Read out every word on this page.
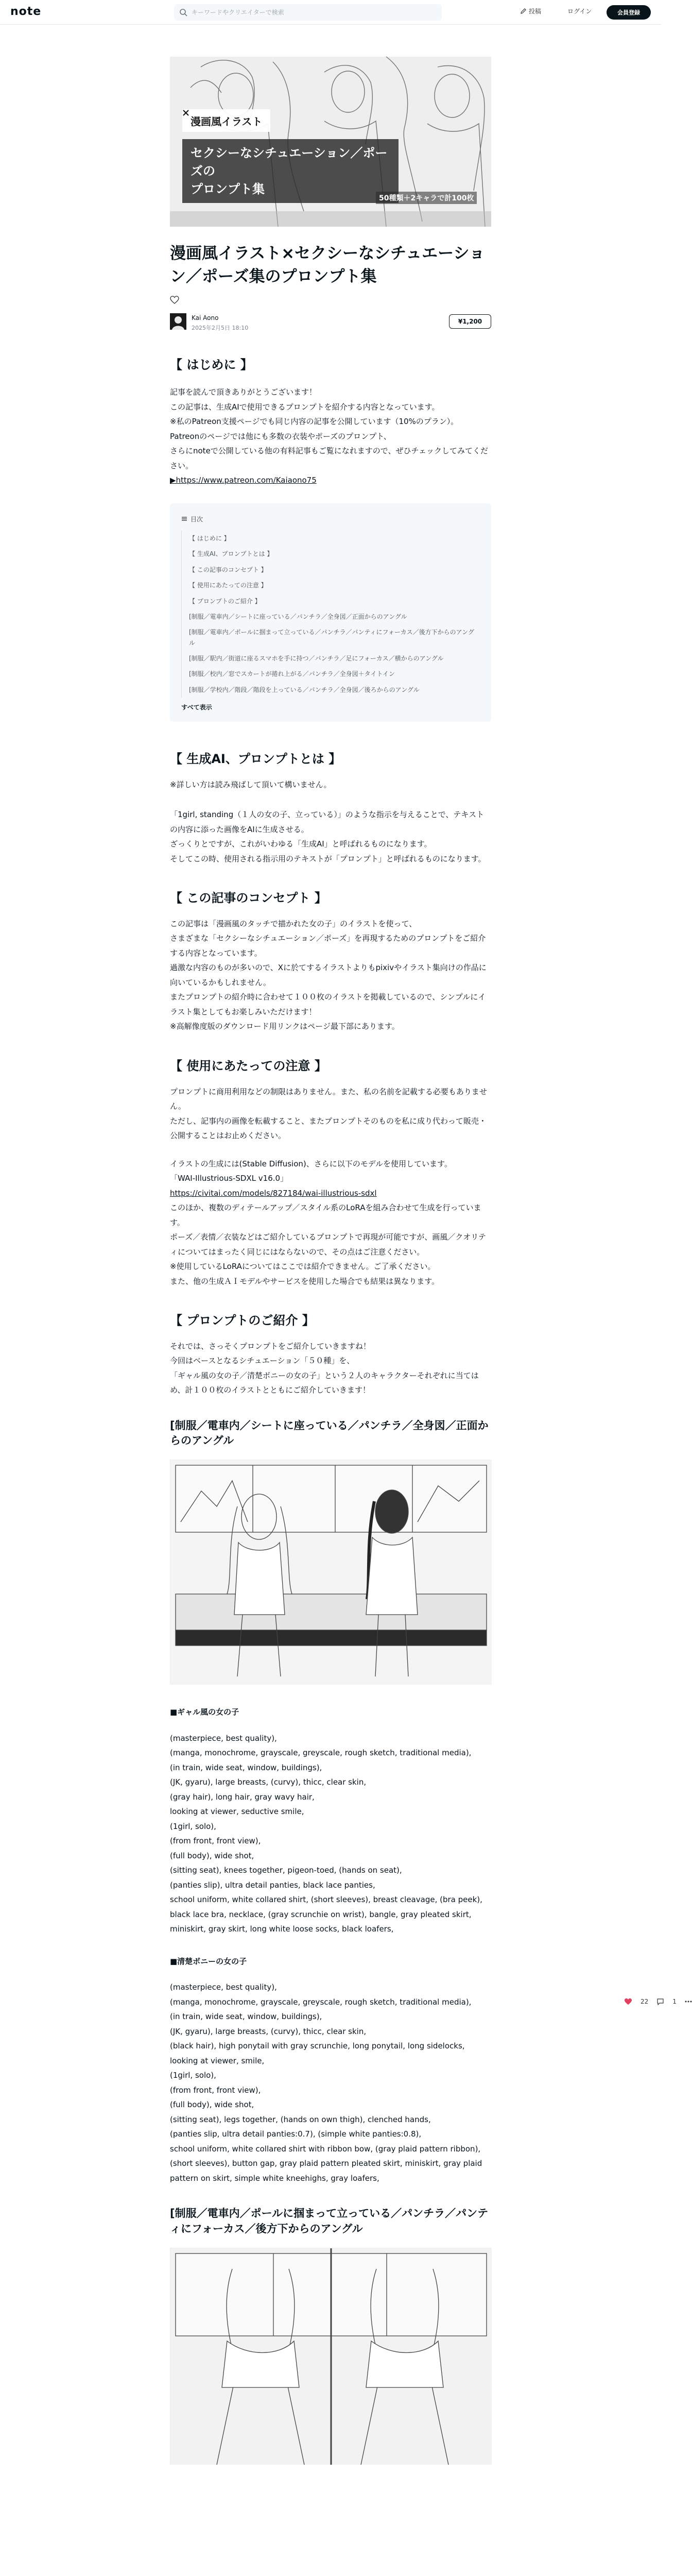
note
キーワードやクリエイターで検索	投稿	ログイン	会員登録
漫画風イラスト
セクシーなシチュエーション／ポーズの
プロンプト集
50種類＋2キャラで計100枚
漫画風イラスト×セクシーなシチュエーション／ポーズ集のプロンプト集
Kai Aono
2025年2月5日 18:10
¥1,200
【 はじめに 】

記事を読んで頂きありがとうございます！

この記事は、生成AIで使用できるプロンプトを紹介する内容となっています。

※私のPatreon支援ページでも同じ内容の記事を公開しています（10%のプラン）。

Patreonのページでは他にも多数の衣装やポーズのプロンプト、

さらにnoteで公開している他の有料記事もご覧になれますので、ぜひチェックしてみてください。

▶https://www.patreon.com/Kaiaono75

目次
【 はじめに 】
【 生成AI、プロンプトとは 】
【 この記事のコンセプト 】
【 使用にあたっての注意 】
【 プロンプトのご紹介 】
[制服／電車内／シートに座っている／パンチラ／全身図／正面からのアングル
[制服／電車内／ポールに掴まって立っている／パンチラ／パンティにフォーカス／後方下からのアングル
[制服／駅内／街道に座るスマホを手に持つ／パンチラ／足にフォーカス／横からのアングル
[制服／校内／窓でスカートが捲れ上がる／パンチラ／全身図＋タイトイン
[制服／学校内／階段／階段を上っている／パンチラ／全身図／後ろからのアングル
すべて表示
【 生成AI、プロンプトとは 】

※詳しい方は読み飛ばして頂いて構いません。

「1girl, standing（１人の女の子、立っている）」のような指示を与えることで、テキストの内容に添った画像をAIに生成させる。

ざっくりとですが、これがいわゆる「生成AI」と呼ばれるものになります。

そしてこの時、使用される指示用のテキストが「プロンプト」と呼ばれるものになります。

【 この記事のコンセプト 】

この記事は「漫画風のタッチで描かれた女の子」のイラストを使って、

さまざまな「セクシーなシチュエーション／ポーズ」を再現するためのプロンプトをご紹介する内容となっています。

過激な内容のものが多いので、Xに於てするイラストよりもpixivやイラスト集向けの作品に向いているかもしれません。

またプロンプトの紹介時に合わせて１００枚のイラストを掲載しているので、シンプルにイラスト集としてもお楽しみいただけます！

※高解像度版のダウンロード用リンクはページ最下部にあります。

【 使用にあたっての注意 】

プロンプトに商用利用などの制限はありません。また、私の名前を記載する必要もありません。

ただし、記事内の画像を転載すること、またプロンプトそのものを私に成り代わって販売・公開することはお止めください。

イラストの生成には(Stable Diffusion)、さらに以下のモデルを使用しています。

「WAI-Illustrious-SDXL v16.0」

https://civitai.com/models/827184/wai-illustrious-sdxl

このほか、複数のディテールアップ／スタイル系のLoRAを組み合わせて生成を行っています。

ポーズ／表情／衣装などはご紹介しているプロンプトで再現が可能ですが、画風／クオリティについてはまったく同じにはならないので、その点はご注意ください。

※使用しているLoRAについてはここでは紹介できません。ご了承ください。

また、他の生成ＡＩモデルやサービスを使用した場合でも結果は異なります。

【 プロンプトのご紹介 】

それでは、さっそくプロンプトをご紹介していきますね！

今回はベースとなるシチュエーション「５０種」を、

「ギャル風の女の子／清楚ボニーの女の子」という２人のキャラクターそれぞれに当てはめ、計１００枚のイラストとともにご紹介していきます！

[制服／電車内／シートに座っている／パンチラ／全身図／正面からのアングル

■ギャル風の女の子

(masterpiece, best quality),

(manga, monochrome, grayscale, greyscale, rough sketch, traditional media),

(in train, wide seat, window, buildings),

(JK, gyaru), large breasts, (curvy), thicc, clear skin,

(gray hair), long hair, gray wavy hair,

looking at viewer, seductive smile,

(1girl, solo),

(from front, front view),

(full body), wide shot,

(sitting seat), knees together, pigeon-toed, (hands on seat),

(panties slip), ultra detail panties, black lace panties,

school uniform, white collared shirt, (short sleeves), breast cleavage, (bra peek), black lace bra, necklace, (gray scrunchie on wrist), bangle, gray pleated skirt, miniskirt, gray skirt, long white loose socks, black loafers,

■清楚ボニーの女の子

(masterpiece, best quality),

(manga, monochrome, grayscale, greyscale, rough sketch, traditional media),

(in train, wide seat, window, buildings),

(JK, gyaru), large breasts, (curvy), thicc, clear skin,

(black hair), high ponytail with gray scrunchie, long ponytail, long sidelocks,

looking at viewer, smile,

(1girl, solo),

(from front, front view),

(full body), wide shot,

(sitting seat), legs together, (hands on own thigh), clenched hands,

(panties slip, ultra detail panties:0.7), (simple white panties:0.8),

school uniform, white collared shirt with ribbon bow, (gray plaid pattern ribbon), (short sleeves), button gap, gray plaid pattern pleated skirt, miniskirt, gray plaid pattern on skirt, simple white kneehighs, gray loafers,

[制服／電車内／ポールに掴まって立っている／パンチラ／パンティにフォーカス／後方下からのアングル
22	1
